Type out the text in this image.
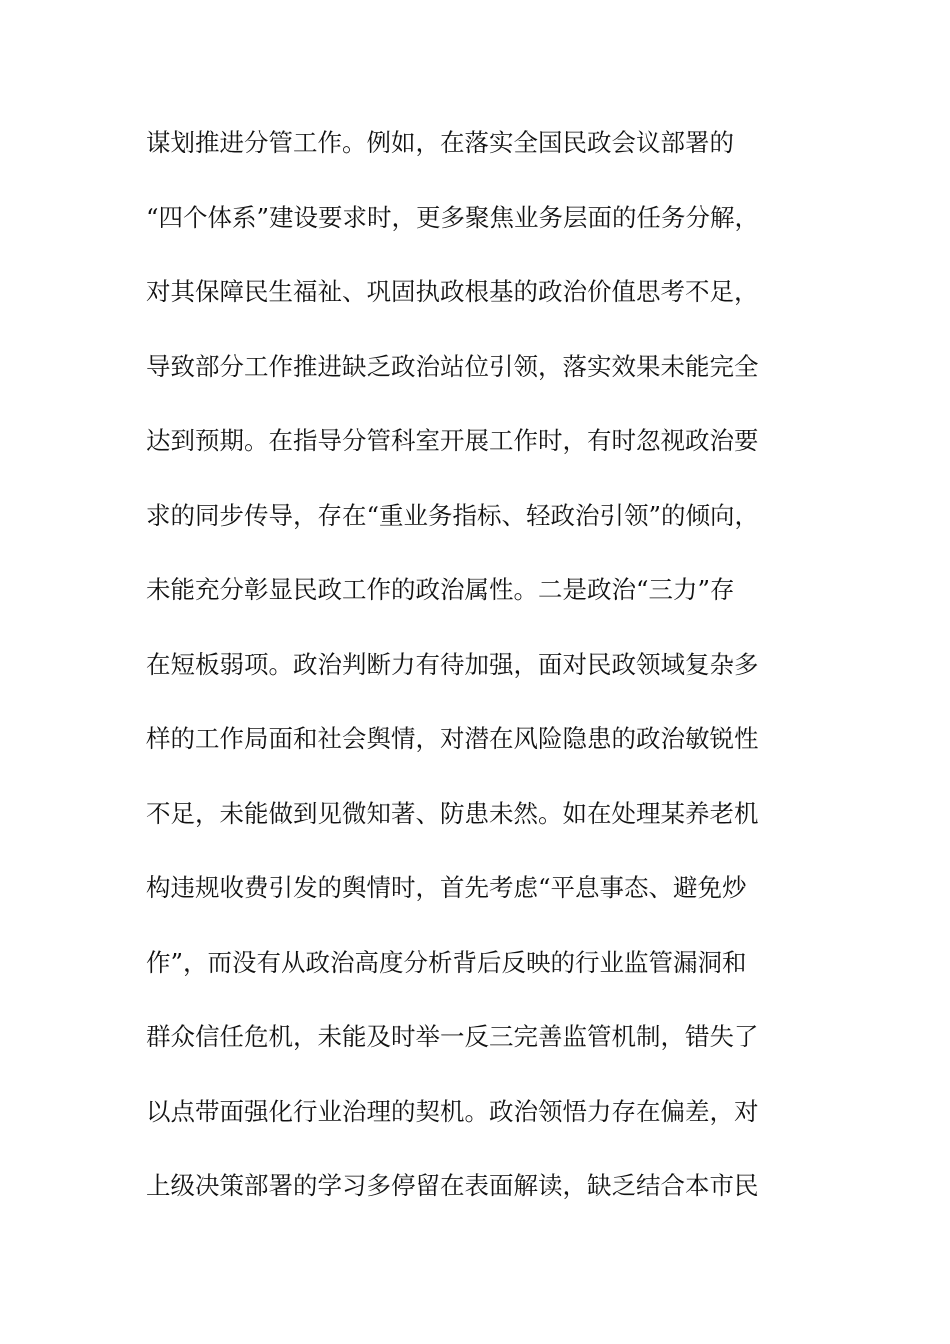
谋划推进分管工作。例如，在落实全国民政会议部署的
“四个体系”建设要求时，更多聚焦业务层面的任务分解，
对其保障民生福祉、巩固执政根基的政治价值思考不足，
导致部分工作推进缺乏政治站位引领，落实效果未能完全
达到预期。在指导分管科室开展工作时，有时忽视政治要
求的同步传导，存在“重业务指标、轻政治引领”的倾向，
未能充分彰显民政工作的政治属性。二是政治“三力”存
在短板弱项。政治判断力有待加强，面对民政领域复杂多
样的工作局面和社会舆情，对潜在风险隐患的政治敏锐性
不足，未能做到见微知著、防患未然。如在处理某养老机
构违规收费引发的舆情时，首先考虑“平息事态、避免炒
作”，而没有从政治高度分析背后反映的行业监管漏洞和
群众信任危机，未能及时举一反三完善监管机制，错失了
以点带面强化行业治理的契机。政治领悟力存在偏差，对
上级决策部署的学习多停留在表面解读，缺乏结合本市民
